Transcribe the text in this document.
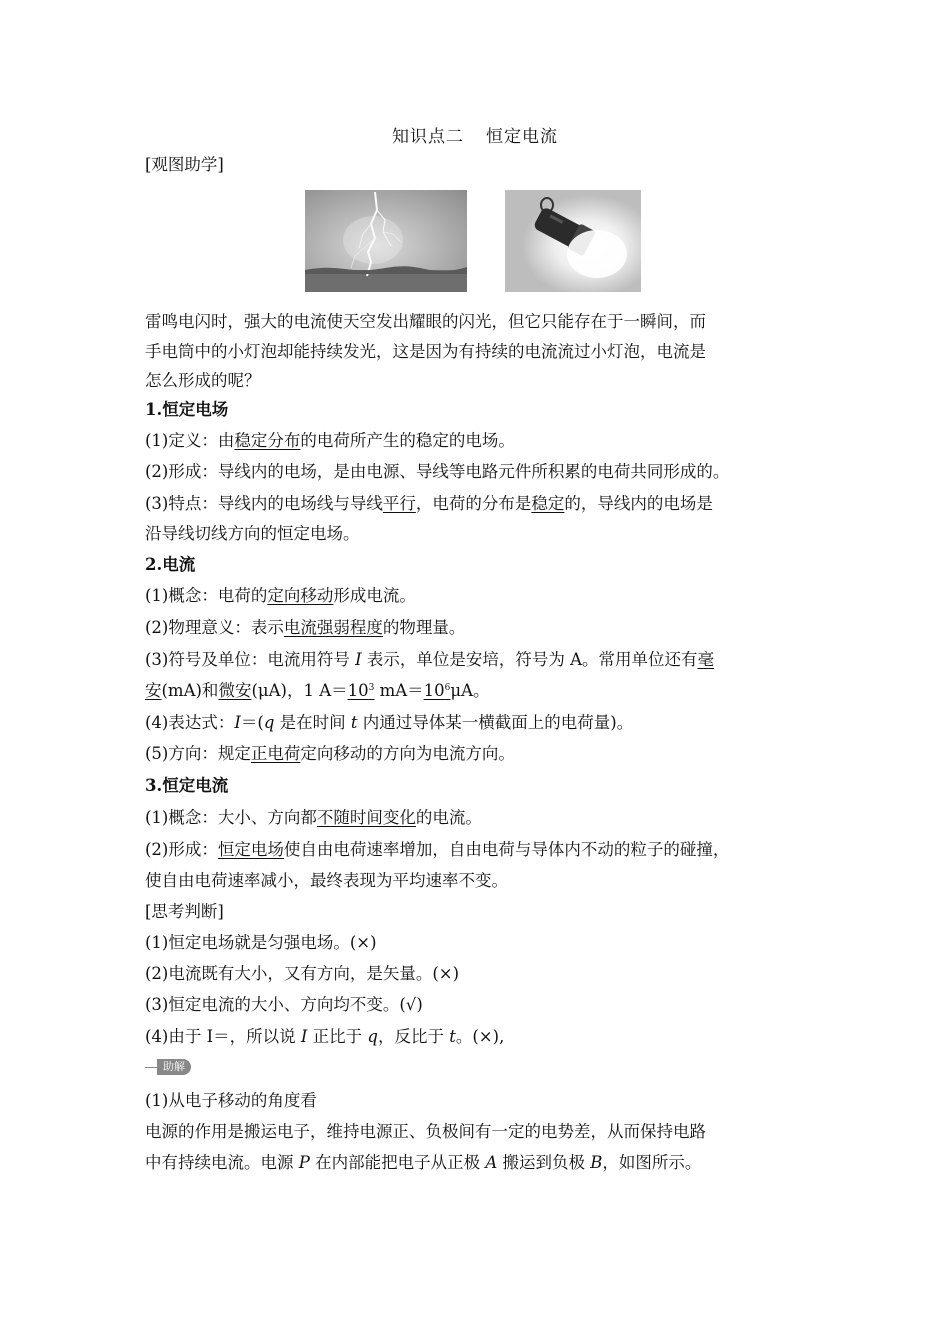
知识点二 恒定电流
[观图助学]
雷鸣电闪时，强大的电流使天空发出耀眼的闪光，但它只能存在于一瞬间，而
手电筒中的小灯泡却能持续发光，这是因为有持续的电流流过小灯泡，电流是
怎么形成的呢？
1.恒定电场
(1)定义：由稳定分布的电荷所产生的稳定的电场。
(2)形成：导线内的电场，是由电源、导线等电路元件所积累的电荷共同形成的。
(3)特点：导线内的电场线与导线平行，电荷的分布是稳定的，导线内的电场是
沿导线切线方向的恒定电场。
2.电流
(1)概念：电荷的定向移动形成电流。
(2)物理意义：表示电流强弱程度的物理量。
(3)符号及单位：电流用符号 I 表示，单位是安培，符号为 A。常用单位还有毫
安(mA)和微安(μA)，1 $A=10^3$ $mA=10^6\mu A$。
(4)表达式：I＝(q 是在时间 t 内通过导体某一横截面上的电荷量)。
(5)方向：规定正电荷定向移动的方向为电流方向。
3.恒定电流
(1)概念：大小、方向都不随时间变化的电流。
(2)形成：恒定电场使自由电荷速率增加，自由电荷与导体内不动的粒子的碰撞，
使自由电荷速率减小，最终表现为平均速率不变。
[思考判断]
(1)恒定电场就是匀强电场。(×)
(2)电流既有大小，又有方向，是矢量。(×)
(3)恒定电流的大小、方向均不变。(√)
(4)由于 I＝，所以说 I 正比于 q，反比于 t。(×),
助解
(1)从电子移动的角度看
电源的作用是搬运电子，维持电源正、负极间有一定的电势差，从而保持电路
中有持续电流。电源 P 在内部能把电子从正极 A 搬运到负极 B，如图所示。
